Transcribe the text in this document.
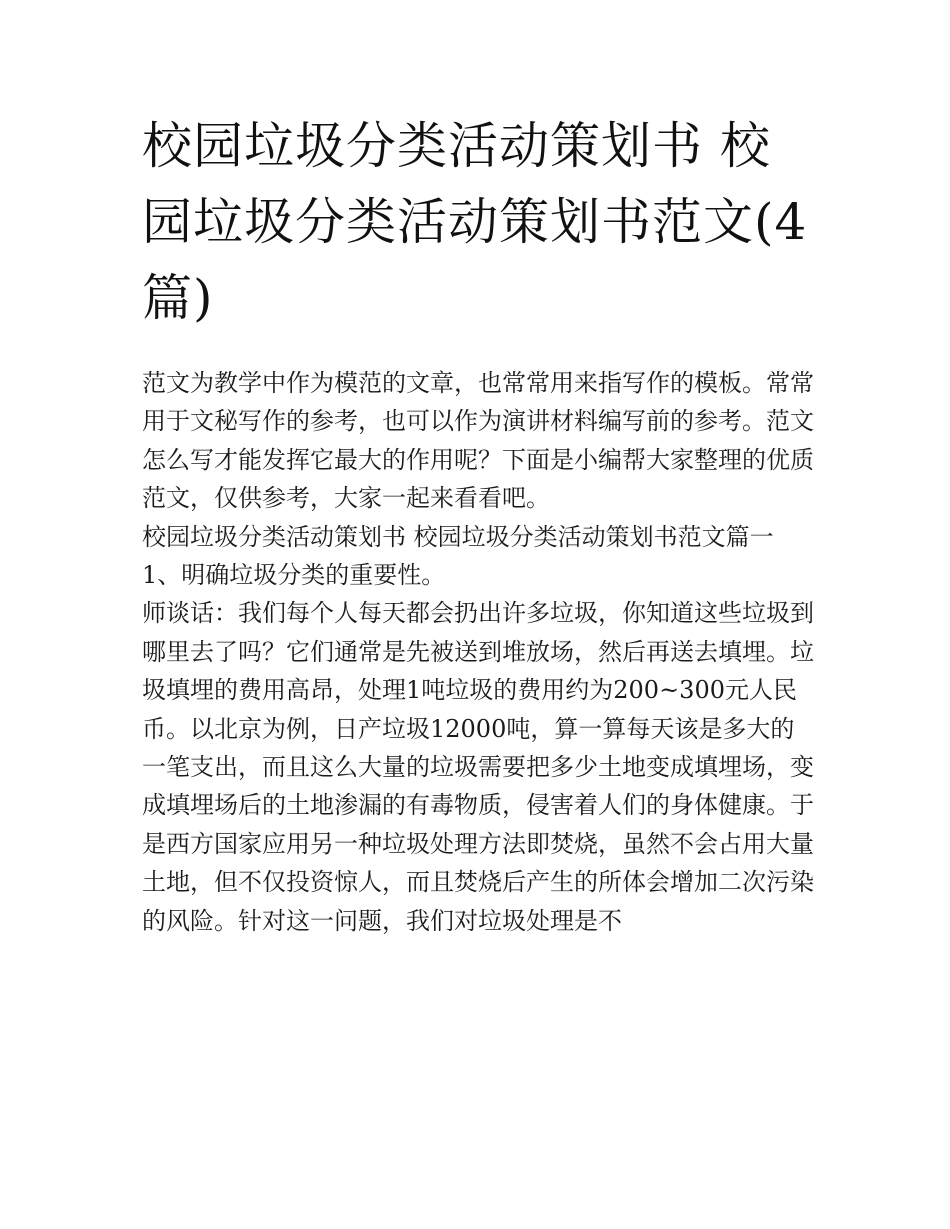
校园垃圾分类活动策划书 校园垃圾分类活动策划书范文(4篇)

范文为教学中作为模范的文章，也常常用来指写作的模板。常常用于文秘写作的参考，也可以作为演讲材料编写前的参考。范文怎么写才能发挥它最大的作用呢？下面是小编帮大家整理的优质范文，仅供参考，大家一起来看看吧。

校园垃圾分类活动策划书 校园垃圾分类活动策划书范文篇一

1、明确垃圾分类的重要性。

师谈话：我们每个人每天都会扔出许多垃圾，你知道这些垃圾到哪里去了吗？它们通常是先被送到堆放场，然后再送去填埋。垃圾填埋的费用高昂，处理1吨垃圾的费用约为200~300元人民币。以北京为例，日产垃圾12000吨，算一算每天该是多大的一笔支出，而且这么大量的垃圾需要把多少土地变成填埋场，变成填埋场后的土地渗漏的有毒物质，侵害着人们的身体健康。于是西方国家应用另一种垃圾处理方法即焚烧，虽然不会占用大量土地，但不仅投资惊人，而且焚烧后产生的所体会增加二次污染的风险。针对这一问题，我们对垃圾处理是不
